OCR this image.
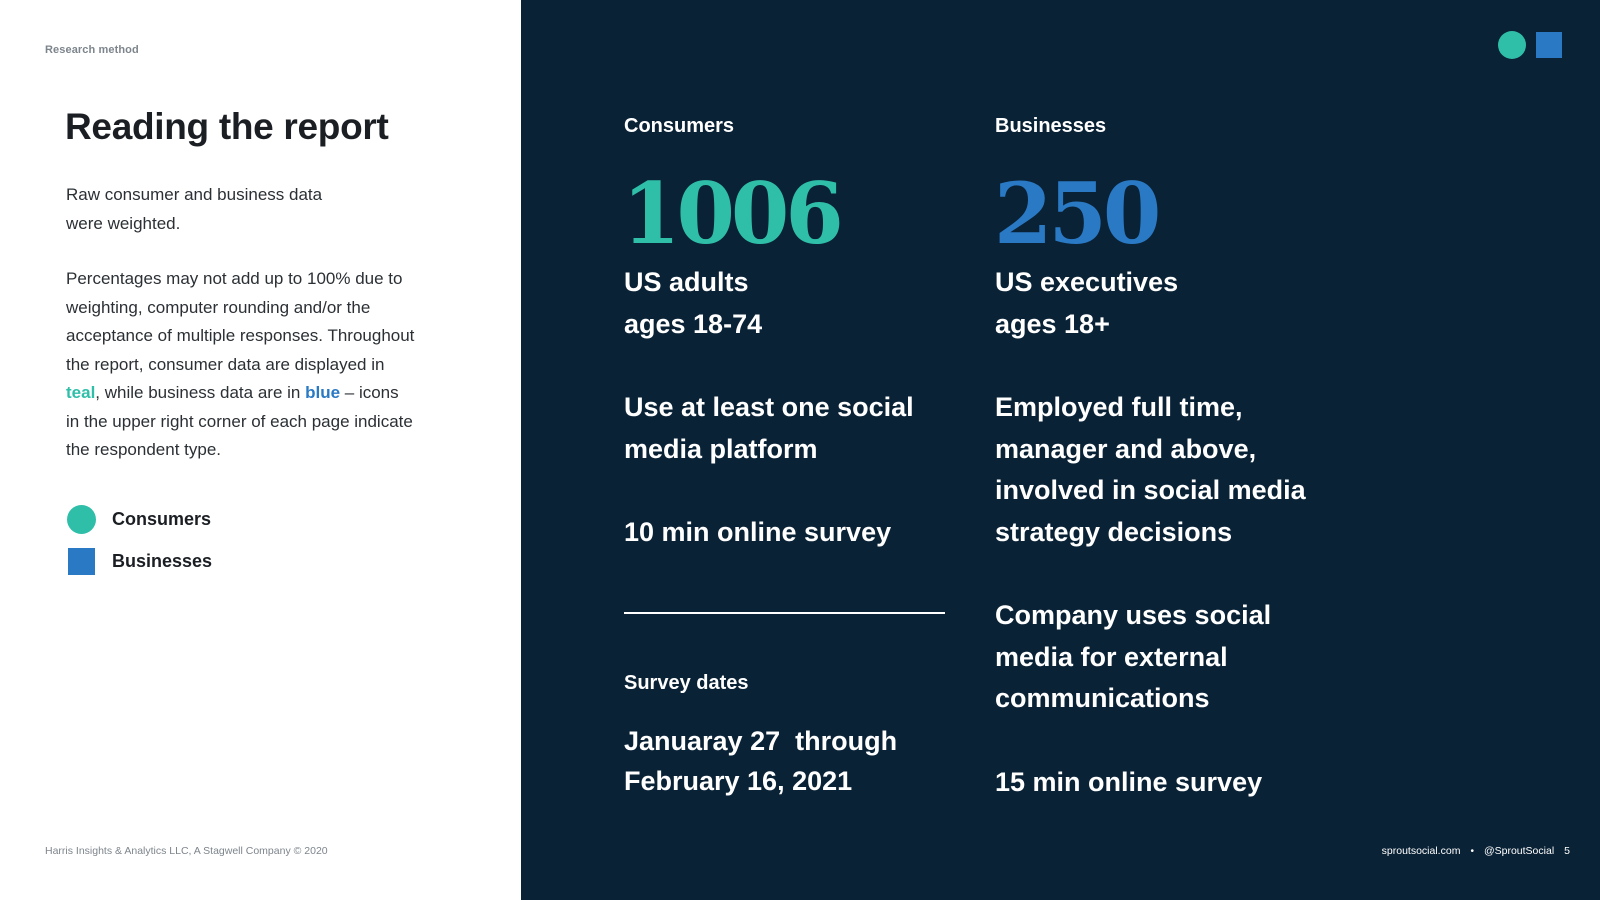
Research method
Reading the report

Raw consumer and business data were weighted.

Percentages may not add up to 100% due to weighting, computer rounding and/or the acceptance of multiple responses. Throughout the report, consumer data are displayed in teal, while business data are in blue – icons in the upper right corner of each page indicate the respondent type.

Consumers
Businesses
Harris Insights & Analytics LLC, A Stagwell Company © 2020
Consumers
1006

US adults
ages 18-74

Use at least one social
media platform

10 min online survey

Survey dates

Januaray 27  through
February 16, 2021

Businesses
250

US executives
ages 18+

Employed full time,
manager and above,
involved in social media
strategy decisions

Company uses social
media for external
communications

15 min online survey

sproutsocial.com • @SproutSocial 5
